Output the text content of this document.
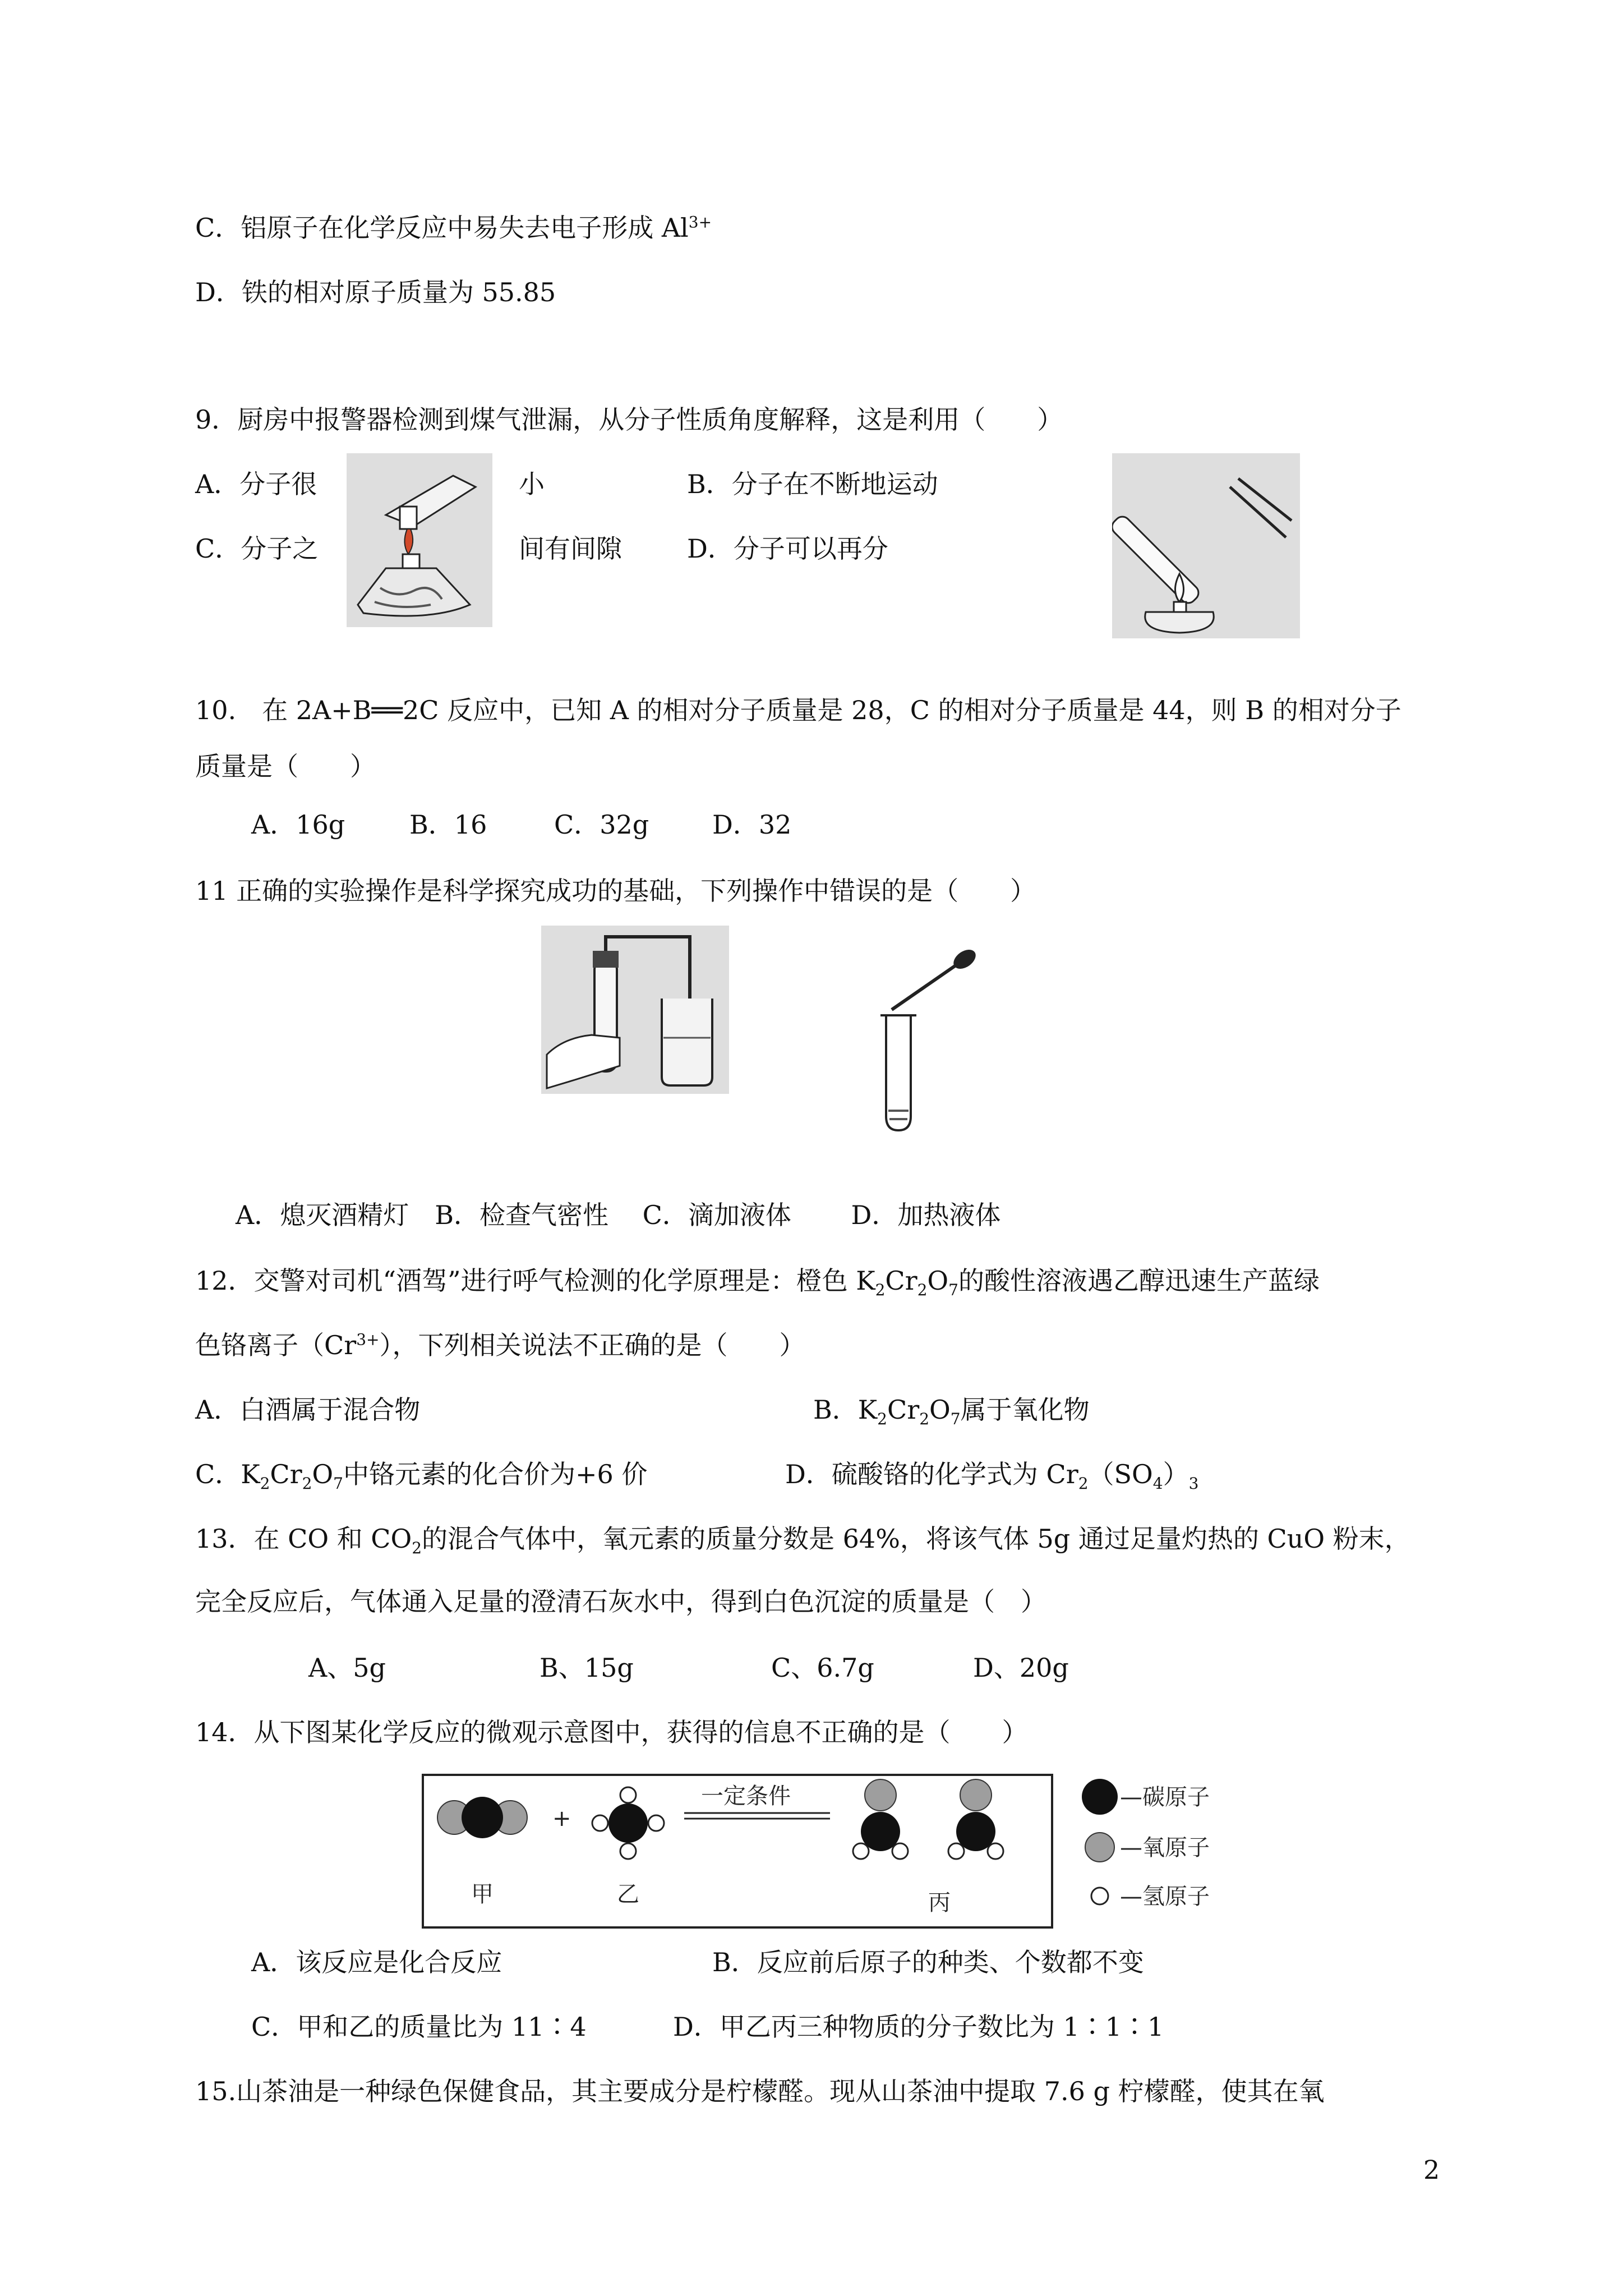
C．铝原子在化学反应中易失去电子形成 $Al^{3+}$
D．铁的相对原子质量为 55.85
9．厨房中报警器检测到煤气泄漏，从分子性质角度解释，这是利用（　　）
A．分子很	小	B．分子在不断地运动
C．分子之	间有间隙	D．分子可以再分
10.　在 2A+B══2C 反应中，已知 A 的相对分子质量是 28，C 的相对分子质量是 44，则 B 的相对分子
质量是（　　）
A．16g B．16	C．32g D．32
11 正确的实验操作是科学探究成功的基础，下列操作中错误的是（　　）
A．熄灭酒精灯　B．检查气密性　 C．滴加液体　　 D．加热液体
12．交警对司机“酒驾”进行呼气检测的化学原理是：橙色 $K_2Cr_2O_7$的酸性溶液遇乙醇迅速生产蓝绿
色铬离子$(Cr^{3+})$，下列相关说法不正确的是（　　）
A．白酒属于混合物	B．$K_2Cr_2O_7$属于氧化物
C．$K_2Cr_2O_7$中铬元素的化合价为+6 价	D．硫酸铬的化学式为 $Cr_2(SO_4)_3$
13．在 CO 和 $CO_2$的混合气体中，氧元素的质量分数是 64%，将该气体 5g 通过足量灼热的 CuO 粉末，
完全反应后，气体通入足量的澄清石灰水中，得到白色沉淀的质量是（　）
A、5g	B、15g	C、6.7g	D、20g
14．从下图某化学反应的微观示意图中，获得的信息不正确的是（　　）
+
一定条件
甲	乙	丙
—碳原子
—氧原子
—氢原子
A．该反应是化合反应	B．反应前后原子的种类、个数都不变
C．甲和乙的质量比为 11∶4	D．甲乙丙三种物质的分子数比为 1∶1∶1
15.山茶油是一种绿色保健食品，其主要成分是柠檬醛。现从山茶油中提取 7.6 g 柠檬醛，使其在氧
2
